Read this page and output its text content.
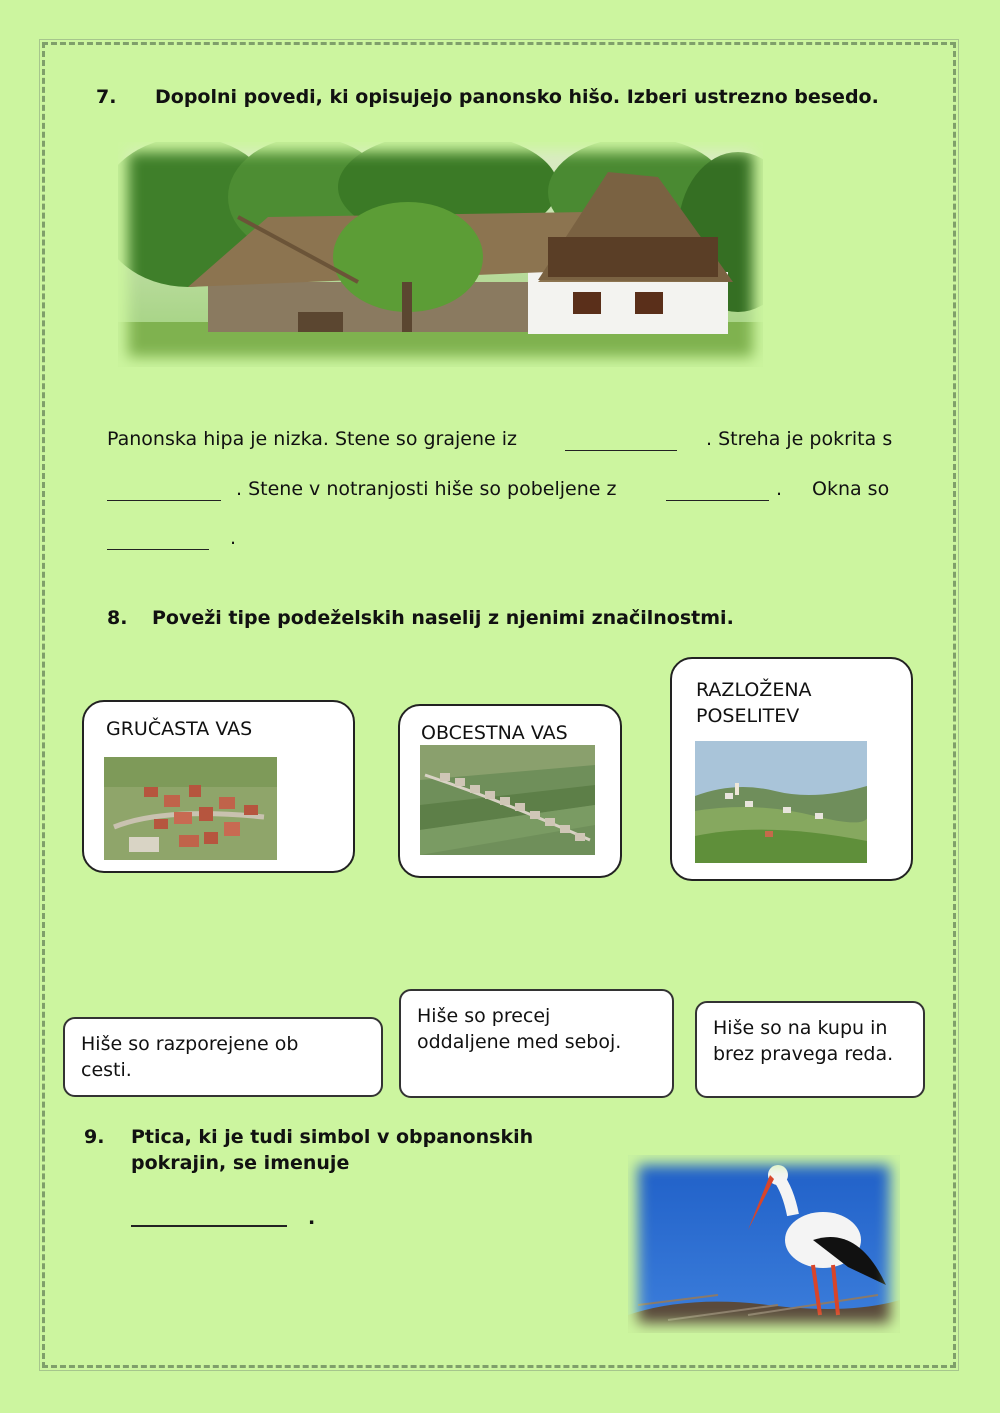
7. Dopolni povedi, ki opisujejo panonsko hišo. Izberi ustrezno besedo.
Panonska hipa je nizka. Stene so grajene iz	. Streha je pokrita s
. Stene v notranjosti hiše so pobeljene z	. Okna so
.
8. Poveži tipe podeželskih naselij z njenimi značilnostmi.
GRUČASTA VAS	OBCESTNA VAS
RAZLOŽENA
POSELITEV
Hiše so razporejene ob
cesti.
Hiše so precej
oddaljene med seboj.
Hiše so na kupu in
brez pravega reda.
9. Ptica, ki je tudi simbol v obpanonskih
pokrajin, se imenuje
.
